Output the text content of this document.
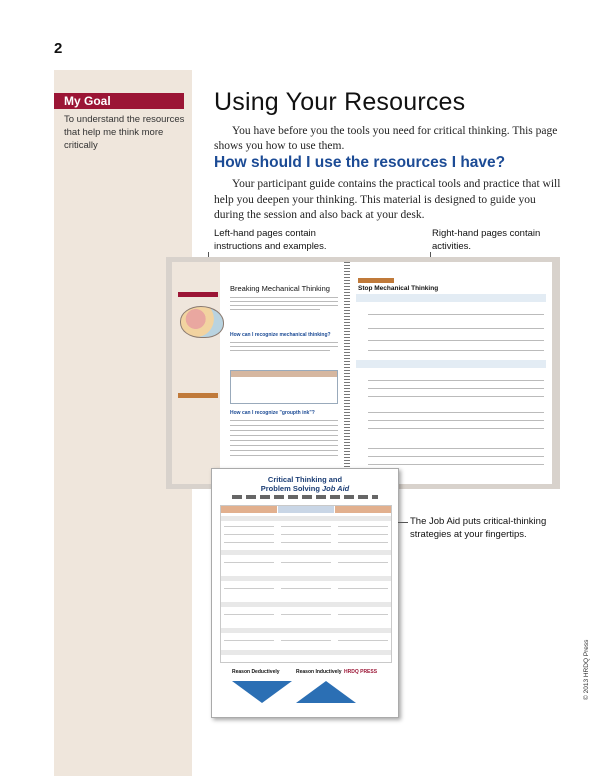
2
My Goal
To understand the resources that help me think more critically
Using Your Resources
You have before you the tools you need for critical thinking. This page shows you how to use them.
How should I use the resources I have?
Your participant guide contains the practical tools and practice that will help you deepen your thinking. This material is designed to guide you during the session and also back at your desk.
Left-hand pages contain instructions and examples.
Right-hand pages contain activities.
Breaking Mechanical Thinking
How can I recognize mechanical thinking?
How can I recognize "groupth ink"?
Stop Mechanical Thinking
Critical Thinking and
Problem Solving Job Aid
Reason Deductively	Reason Inductively HRDQ PRESS
The Job Aid puts critical-thinking strategies at your fingertips.
© 2013 HRDQ Press
